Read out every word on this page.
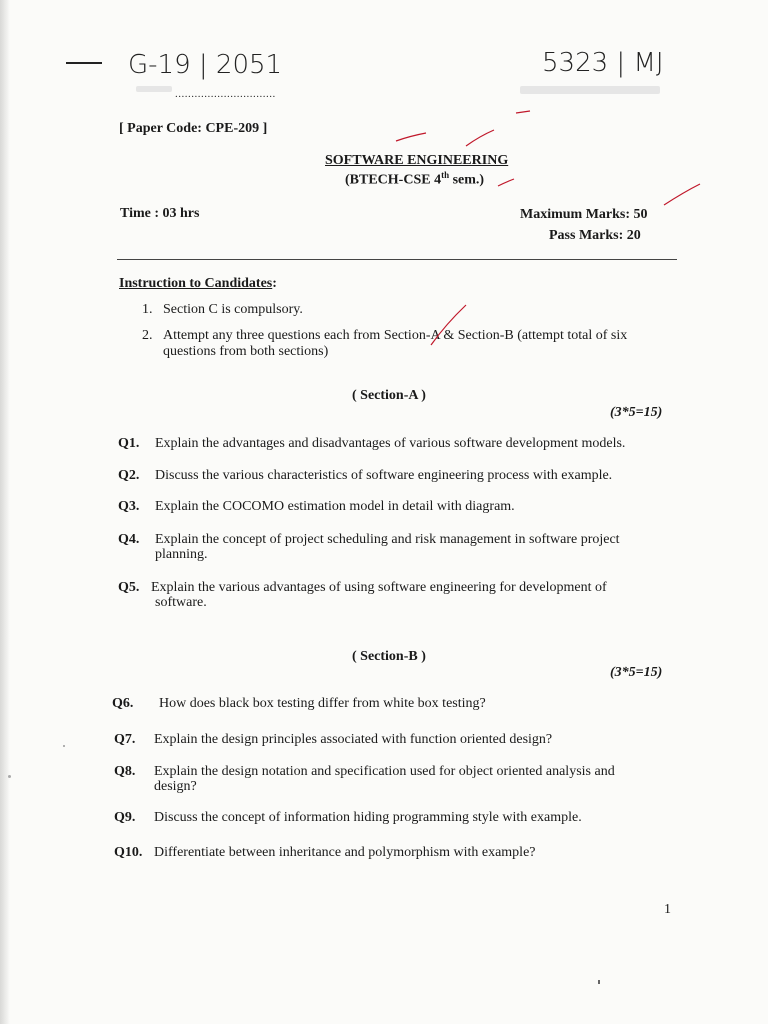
G-19 | 2051	5323 | MJ
...............................
[ Paper Code: CPE-209 ]
SOFTWARE ENGINEERING
(BTECH-CSE 4th sem.)
Time : 03 hrs	Maximum Marks: 50
Pass Marks: 20
Instruction to Candidates:
1. Section C is compulsory.
2. Attempt any three questions each from Section-A & Section-B (attempt total of six
questions from both sections)
( Section-A )
(3*5=15)
Q1. Explain the advantages and disadvantages of various software development models.
Q2. Discuss the various characteristics of software engineering process with example.
Q3. Explain the COCOMO estimation model in detail with diagram.
Q4. Explain the concept of project scheduling and risk management in software project
planning.
Q5. Explain the various advantages of using software engineering for development of
software.
( Section-B )
(3*5=15)
Q6. How does black box testing differ from white box testing?
Q7. Explain the design principles associated with function oriented design?
Q8. Explain the design notation and specification used for object oriented analysis and
design?
Q9. Discuss the concept of information hiding programming style with example.
Q10. Differentiate between inheritance and polymorphism with example?
1
